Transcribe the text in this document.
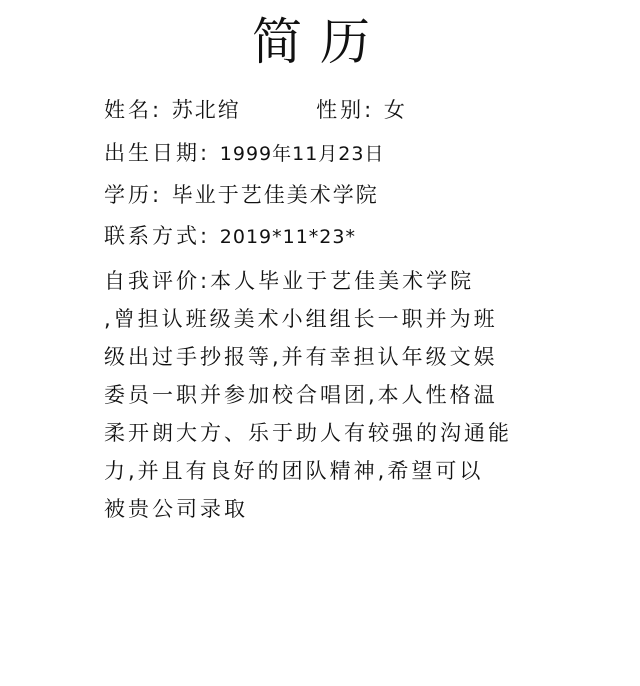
简历
姓名: 苏北绾	性别: 女
出生日期: 1999年11月23日
学历: 毕业于艺佳美术学院
联系方式: 2019*11*23*
自我评价:本人毕业于艺佳美术学院
,曾担认班级美术小组组长一职并为班
级出过手抄报等,并有幸担认年级文娱
委员一职并参加校合唱团,本人性格温
柔开朗大方、乐于助人有较强的沟通能
力,并且有良好的团队精神,希望可以
被贵公司录取
